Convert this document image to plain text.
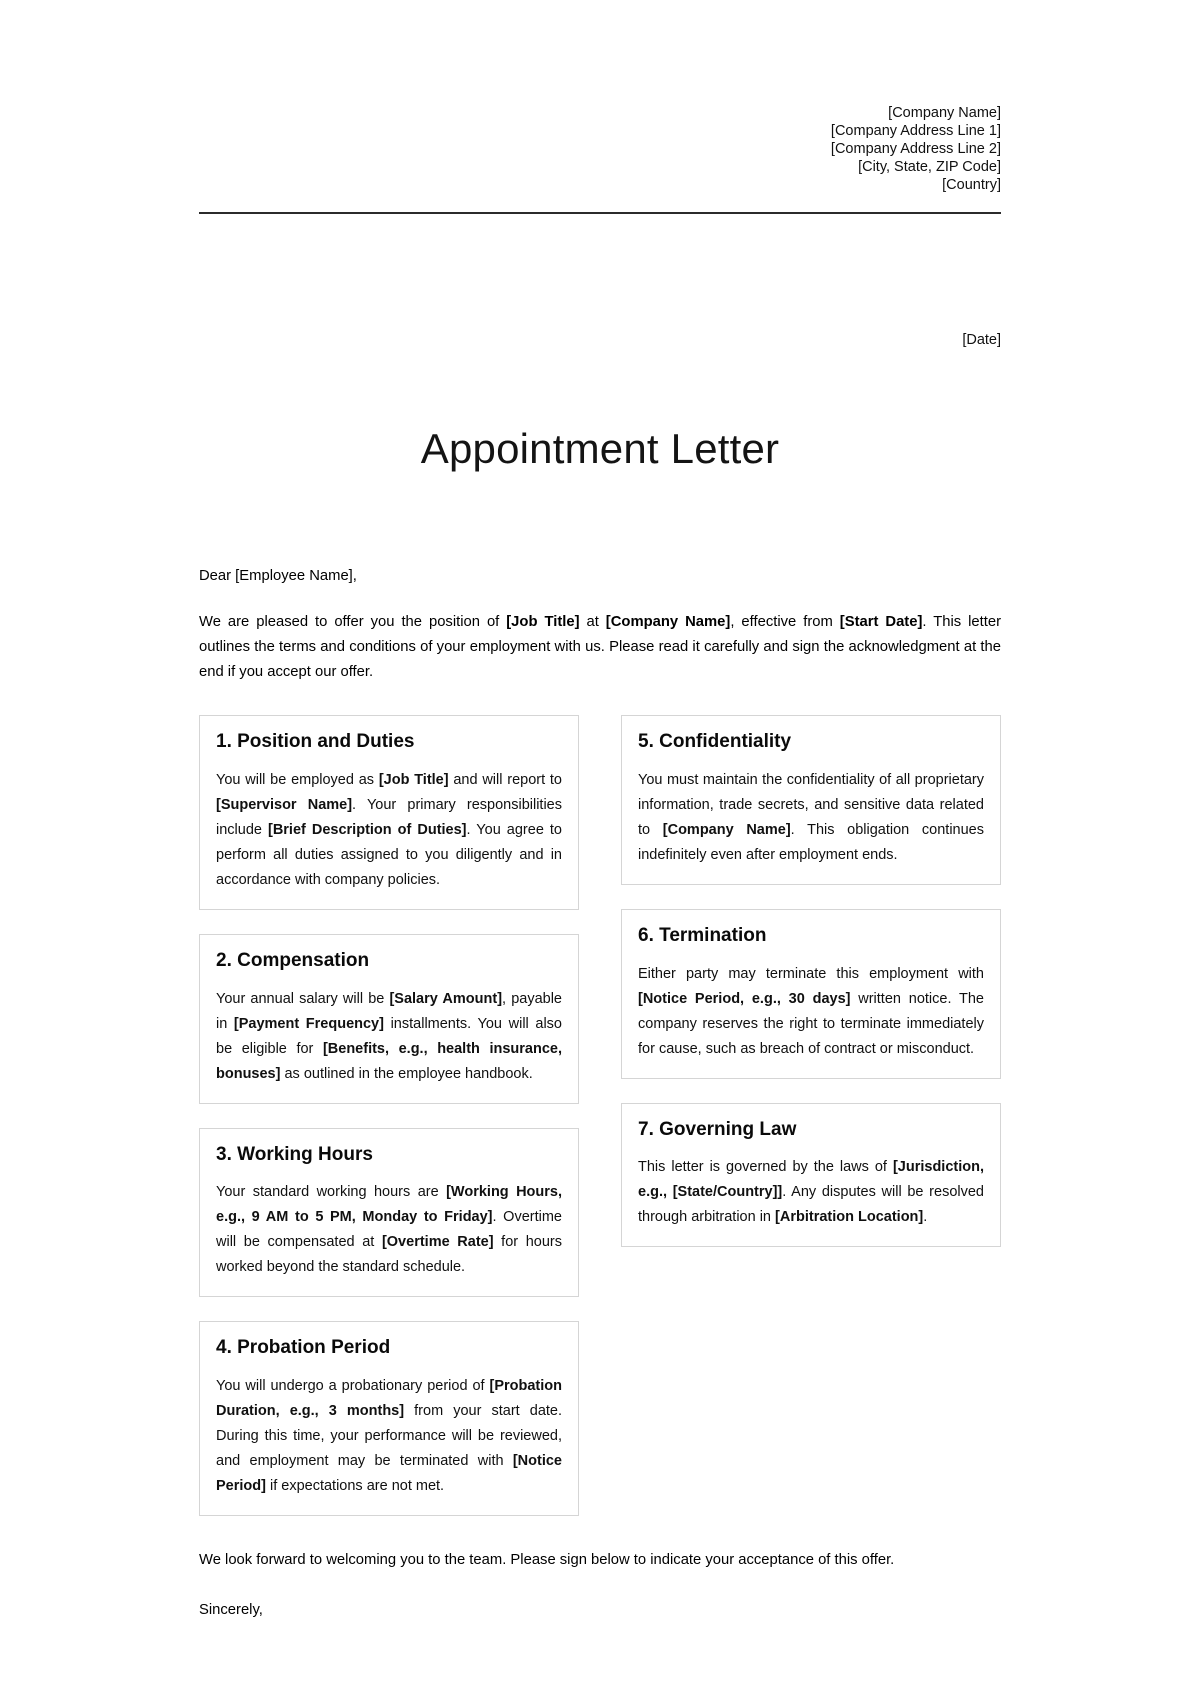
[Company Name]
[Company Address Line 1]
[Company Address Line 2]
[City, State, ZIP Code]
[Country]
[Date]
Appointment Letter
Dear [Employee Name],

We are pleased to offer you the position of [Job Title] at [Company Name], effective from [Start Date]. This letter outlines the terms and conditions of your employment with us. Please read it carefully and sign the acknowledgment at the end if you accept our offer.

1. Position and Duties

You will be employed as [Job Title] and will report to [Supervisor Name]. Your primary responsibilities include [Brief Description of Duties]. You agree to perform all duties assigned to you diligently and in accordance with company policies.

2. Compensation

Your annual salary will be [Salary Amount], payable in [Payment Frequency] installments. You will also be eligible for [Benefits, e.g., health insurance, bonuses] as outlined in the employee handbook.

3. Working Hours

Your standard working hours are [Working Hours, e.g., 9 AM to 5 PM, Monday to Friday]. Overtime will be compensated at [Overtime Rate] for hours worked beyond the standard schedule.

4. Probation Period

You will undergo a probationary period of [Probation Duration, e.g., 3 months] from your start date. During this time, your performance will be reviewed, and employment may be terminated with [Notice Period] if expectations are not met.

5. Confidentiality

You must maintain the confidentiality of all proprietary information, trade secrets, and sensitive data related to [Company Name]. This obligation continues indefinitely even after employment ends.

6. Termination

Either party may terminate this employment with [Notice Period, e.g., 30 days] written notice. The company reserves the right to terminate immediately for cause, such as breach of contract or misconduct.

7. Governing Law

This letter is governed by the laws of [Jurisdiction, e.g., [State/Country]]. Any disputes will be resolved through arbitration in [Arbitration Location].

We look forward to welcoming you to the team. Please sign below to indicate your acceptance of this offer.
Sincerely,
